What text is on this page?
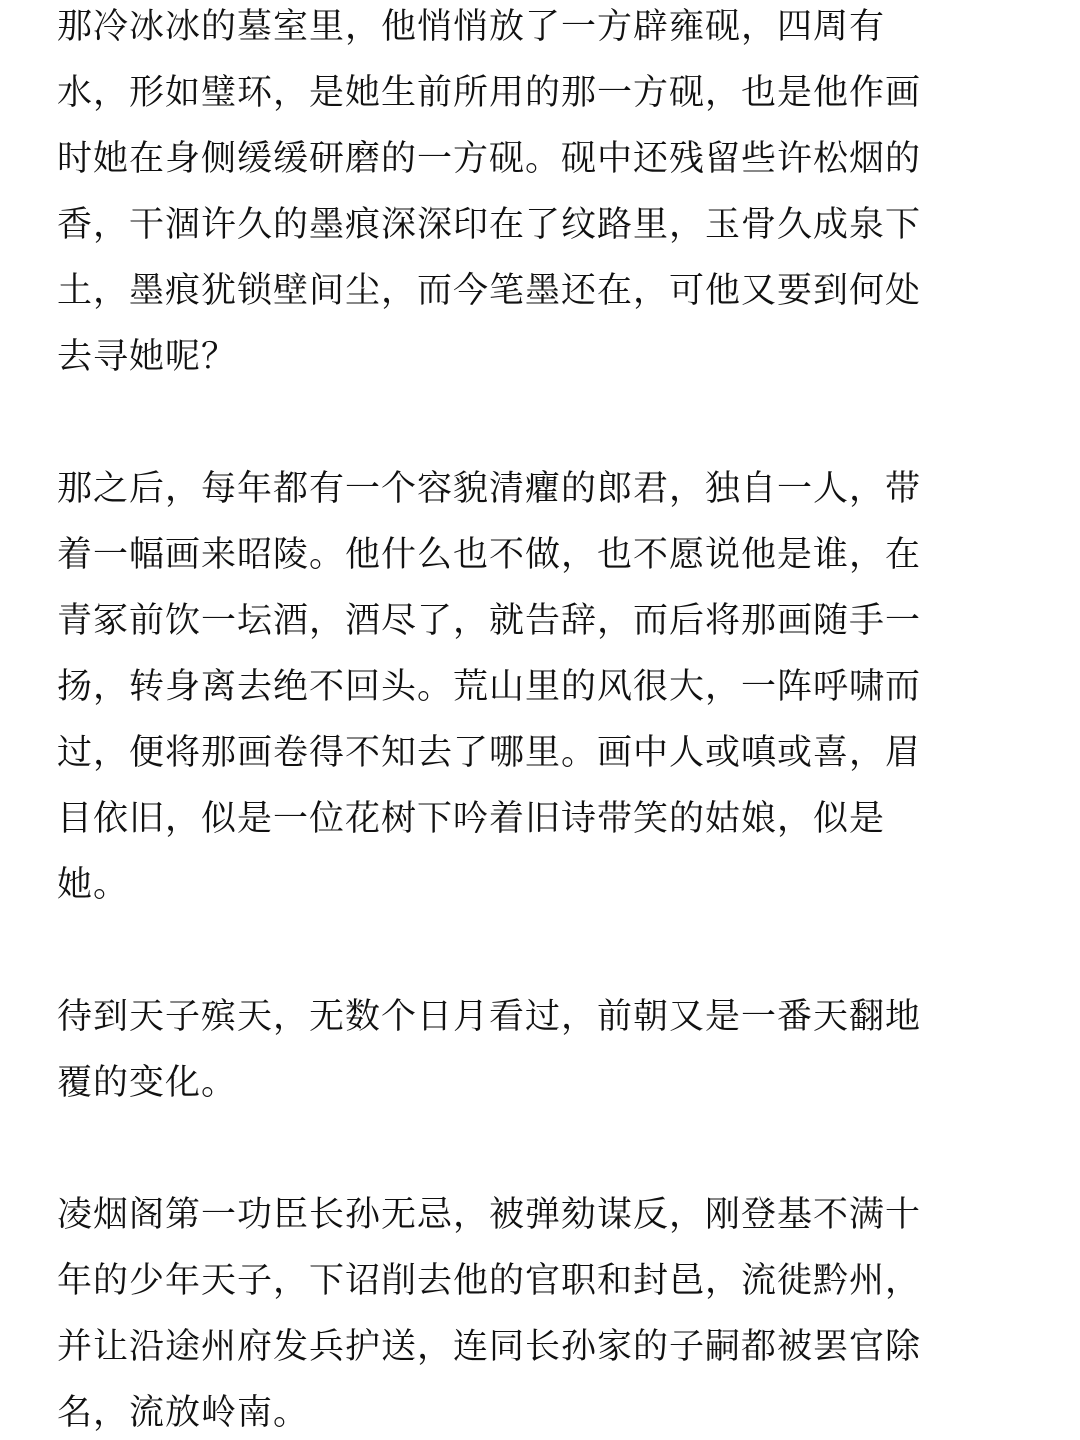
那冷冰冰的墓室里，他悄悄放了一方辟雍砚，四周有
水，形如璧环，是她生前所用的那一方砚，也是他作画
时她在身侧缓缓研磨的一方砚。砚中还残留些许松烟的
香，干涸许久的墨痕深深印在了纹路里，玉骨久成泉下
土，墨痕犹锁壁间尘，而今笔墨还在，可他又要到何处
去寻她呢？

那之后，每年都有一个容貌清癯的郎君，独自一人，带
着一幅画来昭陵。他什么也不做，也不愿说他是谁，在
青冢前饮一坛酒，酒尽了，就告辞，而后将那画随手一
扬，转身离去绝不回头。荒山里的风很大，一阵呼啸而
过，便将那画卷得不知去了哪里。画中人或嗔或喜，眉
目依旧，似是一位花树下吟着旧诗带笑的姑娘，似是
她。

待到天子殡天，无数个日月看过，前朝又是一番天翻地
覆的变化。

凌烟阁第一功臣长孙无忌，被弹劾谋反，刚登基不满十
年的少年天子，下诏削去他的官职和封邑，流徙黔州，
并让沿途州府发兵护送，连同长孙家的子嗣都被罢官除
名，流放岭南。
